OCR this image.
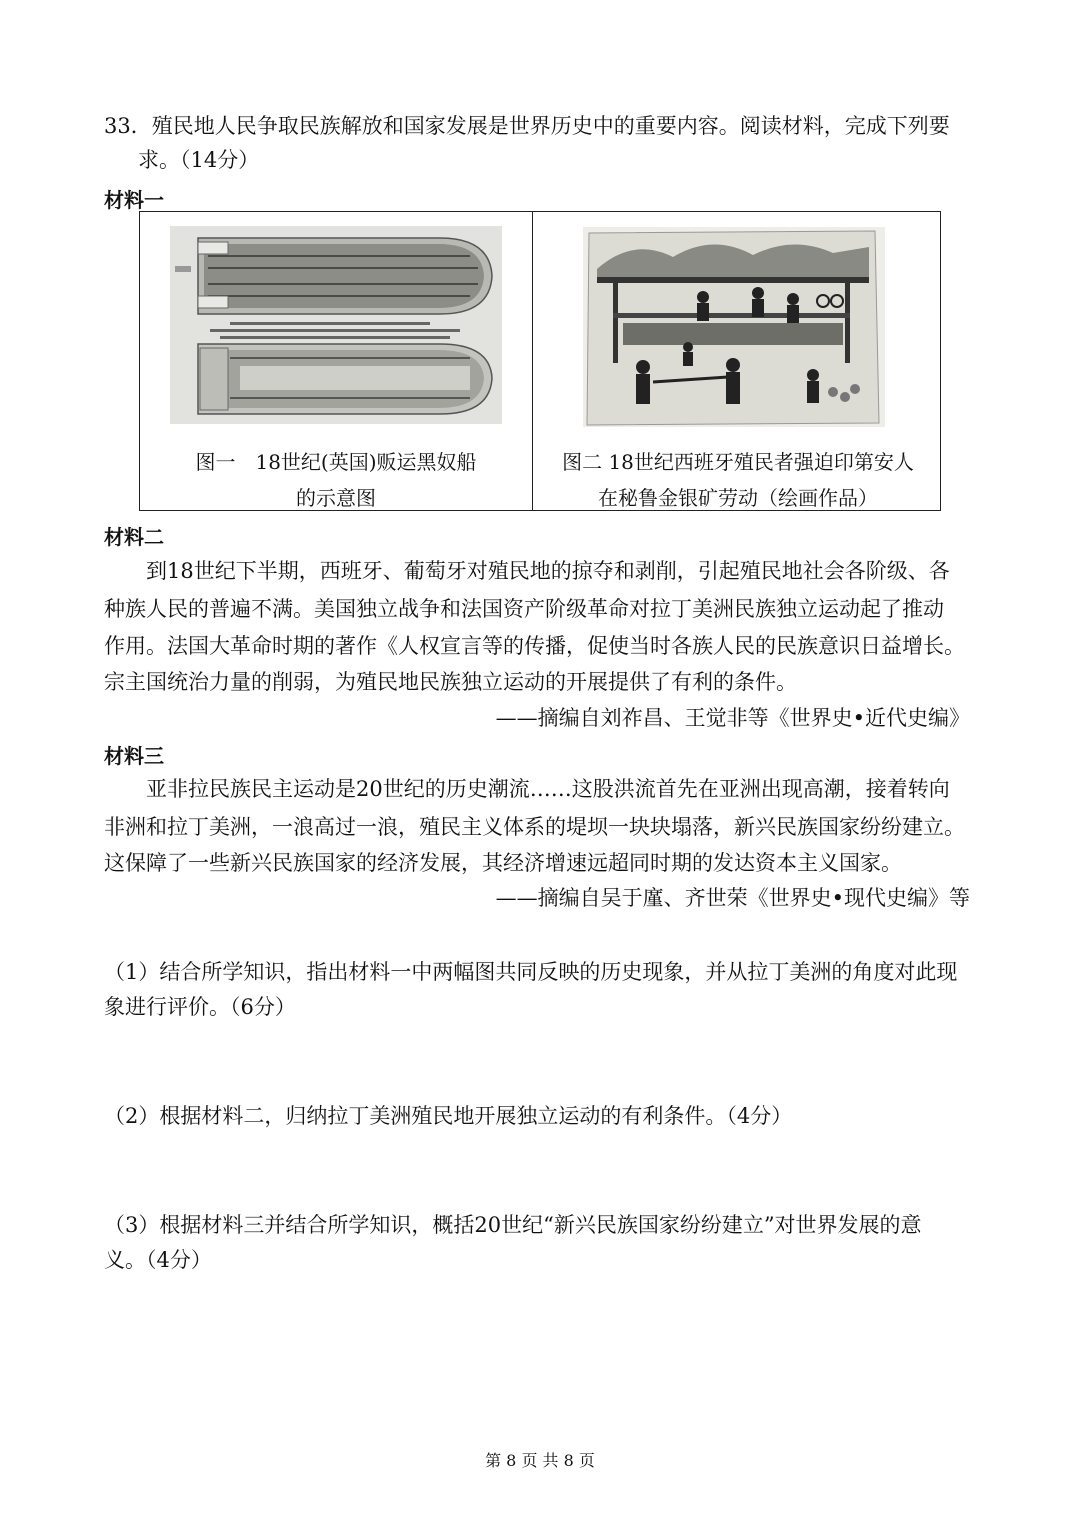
33．殖民地人民争取民族解放和国家发展是世界历史中的重要内容。阅读材料，完成下列要
求。（14分）
材料一
图一　18世纪(英国)贩运黑奴船
的示意图
图二 18世纪西班牙殖民者强迫印第安人
在秘鲁金银矿劳动（绘画作品）
材料二
到18世纪下半期，西班牙、葡萄牙对殖民地的掠夺和剥削，引起殖民地社会各阶级、各
种族人民的普遍不满。美国独立战争和法国资产阶级革命对拉丁美洲民族独立运动起了推动
作用。法国大革命时期的著作《人权宣言等的传播，促使当时各族人民的民族意识日益增长。
宗主国统治力量的削弱，为殖民地民族独立运动的开展提供了有利的条件。
——摘编自刘祚昌、王觉非等《世界史•近代史编》
材料三
亚非拉民族民主运动是20世纪的历史潮流……这股洪流首先在亚洲出现高潮，接着转向
非洲和拉丁美洲，一浪高过一浪，殖民主义体系的堤坝一块块塌落，新兴民族国家纷纷建立。
这保障了一些新兴民族国家的经济发展，其经济增速远超同时期的发达资本主义国家。
——摘编自吴于廑、齐世荣《世界史•现代史编》等
（1）结合所学知识，指出材料一中两幅图共同反映的历史现象，并从拉丁美洲的角度对此现
象进行评价。（6分）
（2）根据材料二，归纳拉丁美洲殖民地开展独立运动的有利条件。（4分）
（3）根据材料三并结合所学知识，概括20世纪“新兴民族国家纷纷建立”对世界发展的意
义。（4分）
第 8 页 共 8 页
